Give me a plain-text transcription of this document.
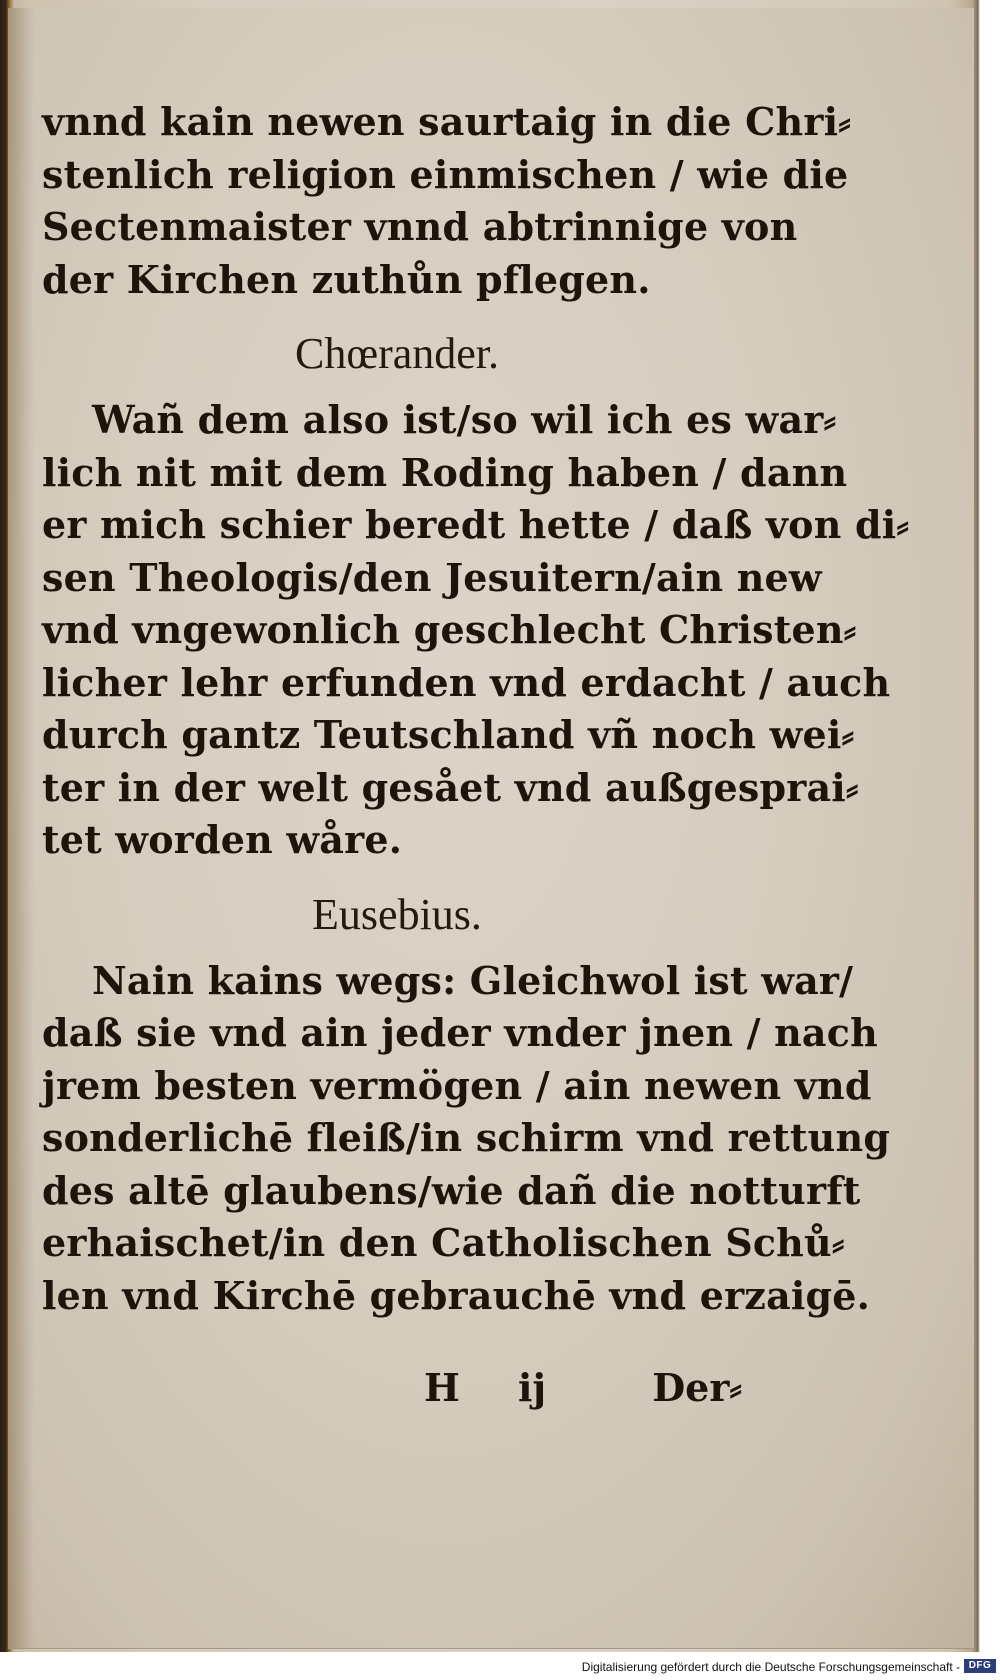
vnnd kain newen saurtaig in die Chri⸗
stenlich religion einmischen / wie die
Sectenmaister vnnd abtrinnige von
der Kirchen zuthůn pflegen.
Chœrander.
Wañ dem also ist/so wil ich es war⸗
lich nit mit dem Roding haben / dann
er mich schier beredt hette / daß von di⸗
sen Theologis/den Jesuitern/ain new
vnd vngewonlich geschlecht Christen⸗
licher lehr erfunden vnd erdacht / auch
durch gantz Teutschland vñ noch wei⸗
ter in der welt gesået vnd außgesprai⸗
tet worden wåre.
Eusebius.
Nain kains wegs: Gleichwol ist war/
daß sie vnd ain jeder vnder jnen / nach
jrem besten vermögen / ain newen vnd
sonderlichē fleiß/in schirm vnd rettung
des altē glaubens/wie dañ die notturft
erhaischet/in den Catholischen Schů⸗
len vnd Kirchē gebrauchē vnd erzaigē.
H ij	Der⸗
Digitalisierung gefördert durch die Deutsche Forschungsgemeinschaft - DFG
